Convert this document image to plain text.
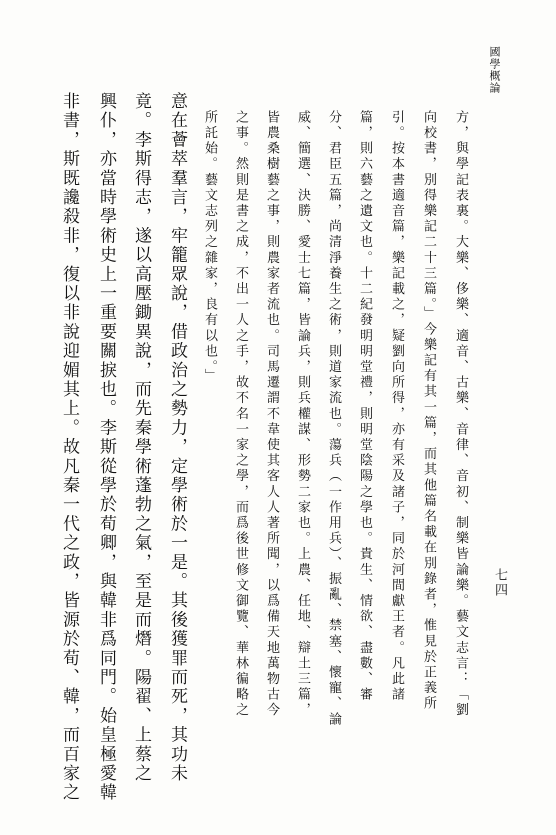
國學概論
七四
方，與學記表裏。大樂、侈樂、適音、古樂、音律、音初、制樂皆論樂。藝文志言：「劉
向校書，別得樂記二十三篇。」今樂記有其一篇，而其他篇名載在別錄者，惟見於正義所
引。按本書適音篇，樂記載之，疑劉向所得，亦有采及諸子，同於河間獻王者。凡此諸
篇，則六藝之遺文也。十二紀發明明堂禮，則明堂陰陽之學也。貴生、情欲、盡數、審
分、君臣五篇，尚清淨養生之術，則道家流也。蕩兵（一作用兵）、振亂、禁塞、懷寵、論
威、簡選、決勝、愛士七篇，皆論兵，則兵權謀、形勢二家也。上農、任地、辯土三篇，
皆農桑樹藝之事，則農家者流也。司馬遷謂不韋使其客人人著所聞，以爲備天地萬物古今
之事。然則是書之成，不出一人之手，故不名一家之學，而爲後世修文御覽、華林徧略之
所託始。藝文志列之雜家，良有以也。」
意在薈萃羣言，牢籠眾說，借政治之勢力，定學術於一是。其後獲罪而死，其功未
竟。李斯得志，遂以高壓鋤異說，而先秦學術蓬勃之氣，至是而熸。陽翟、上蔡之
興仆，亦當時學術史上一重要關捩也。李斯從學於荀卿，與韓非爲同門。始皇極愛韓
非書，斯既讒殺非，復以非說迎媚其上。故凡秦一代之政，皆源於荀、韓，而百家之
